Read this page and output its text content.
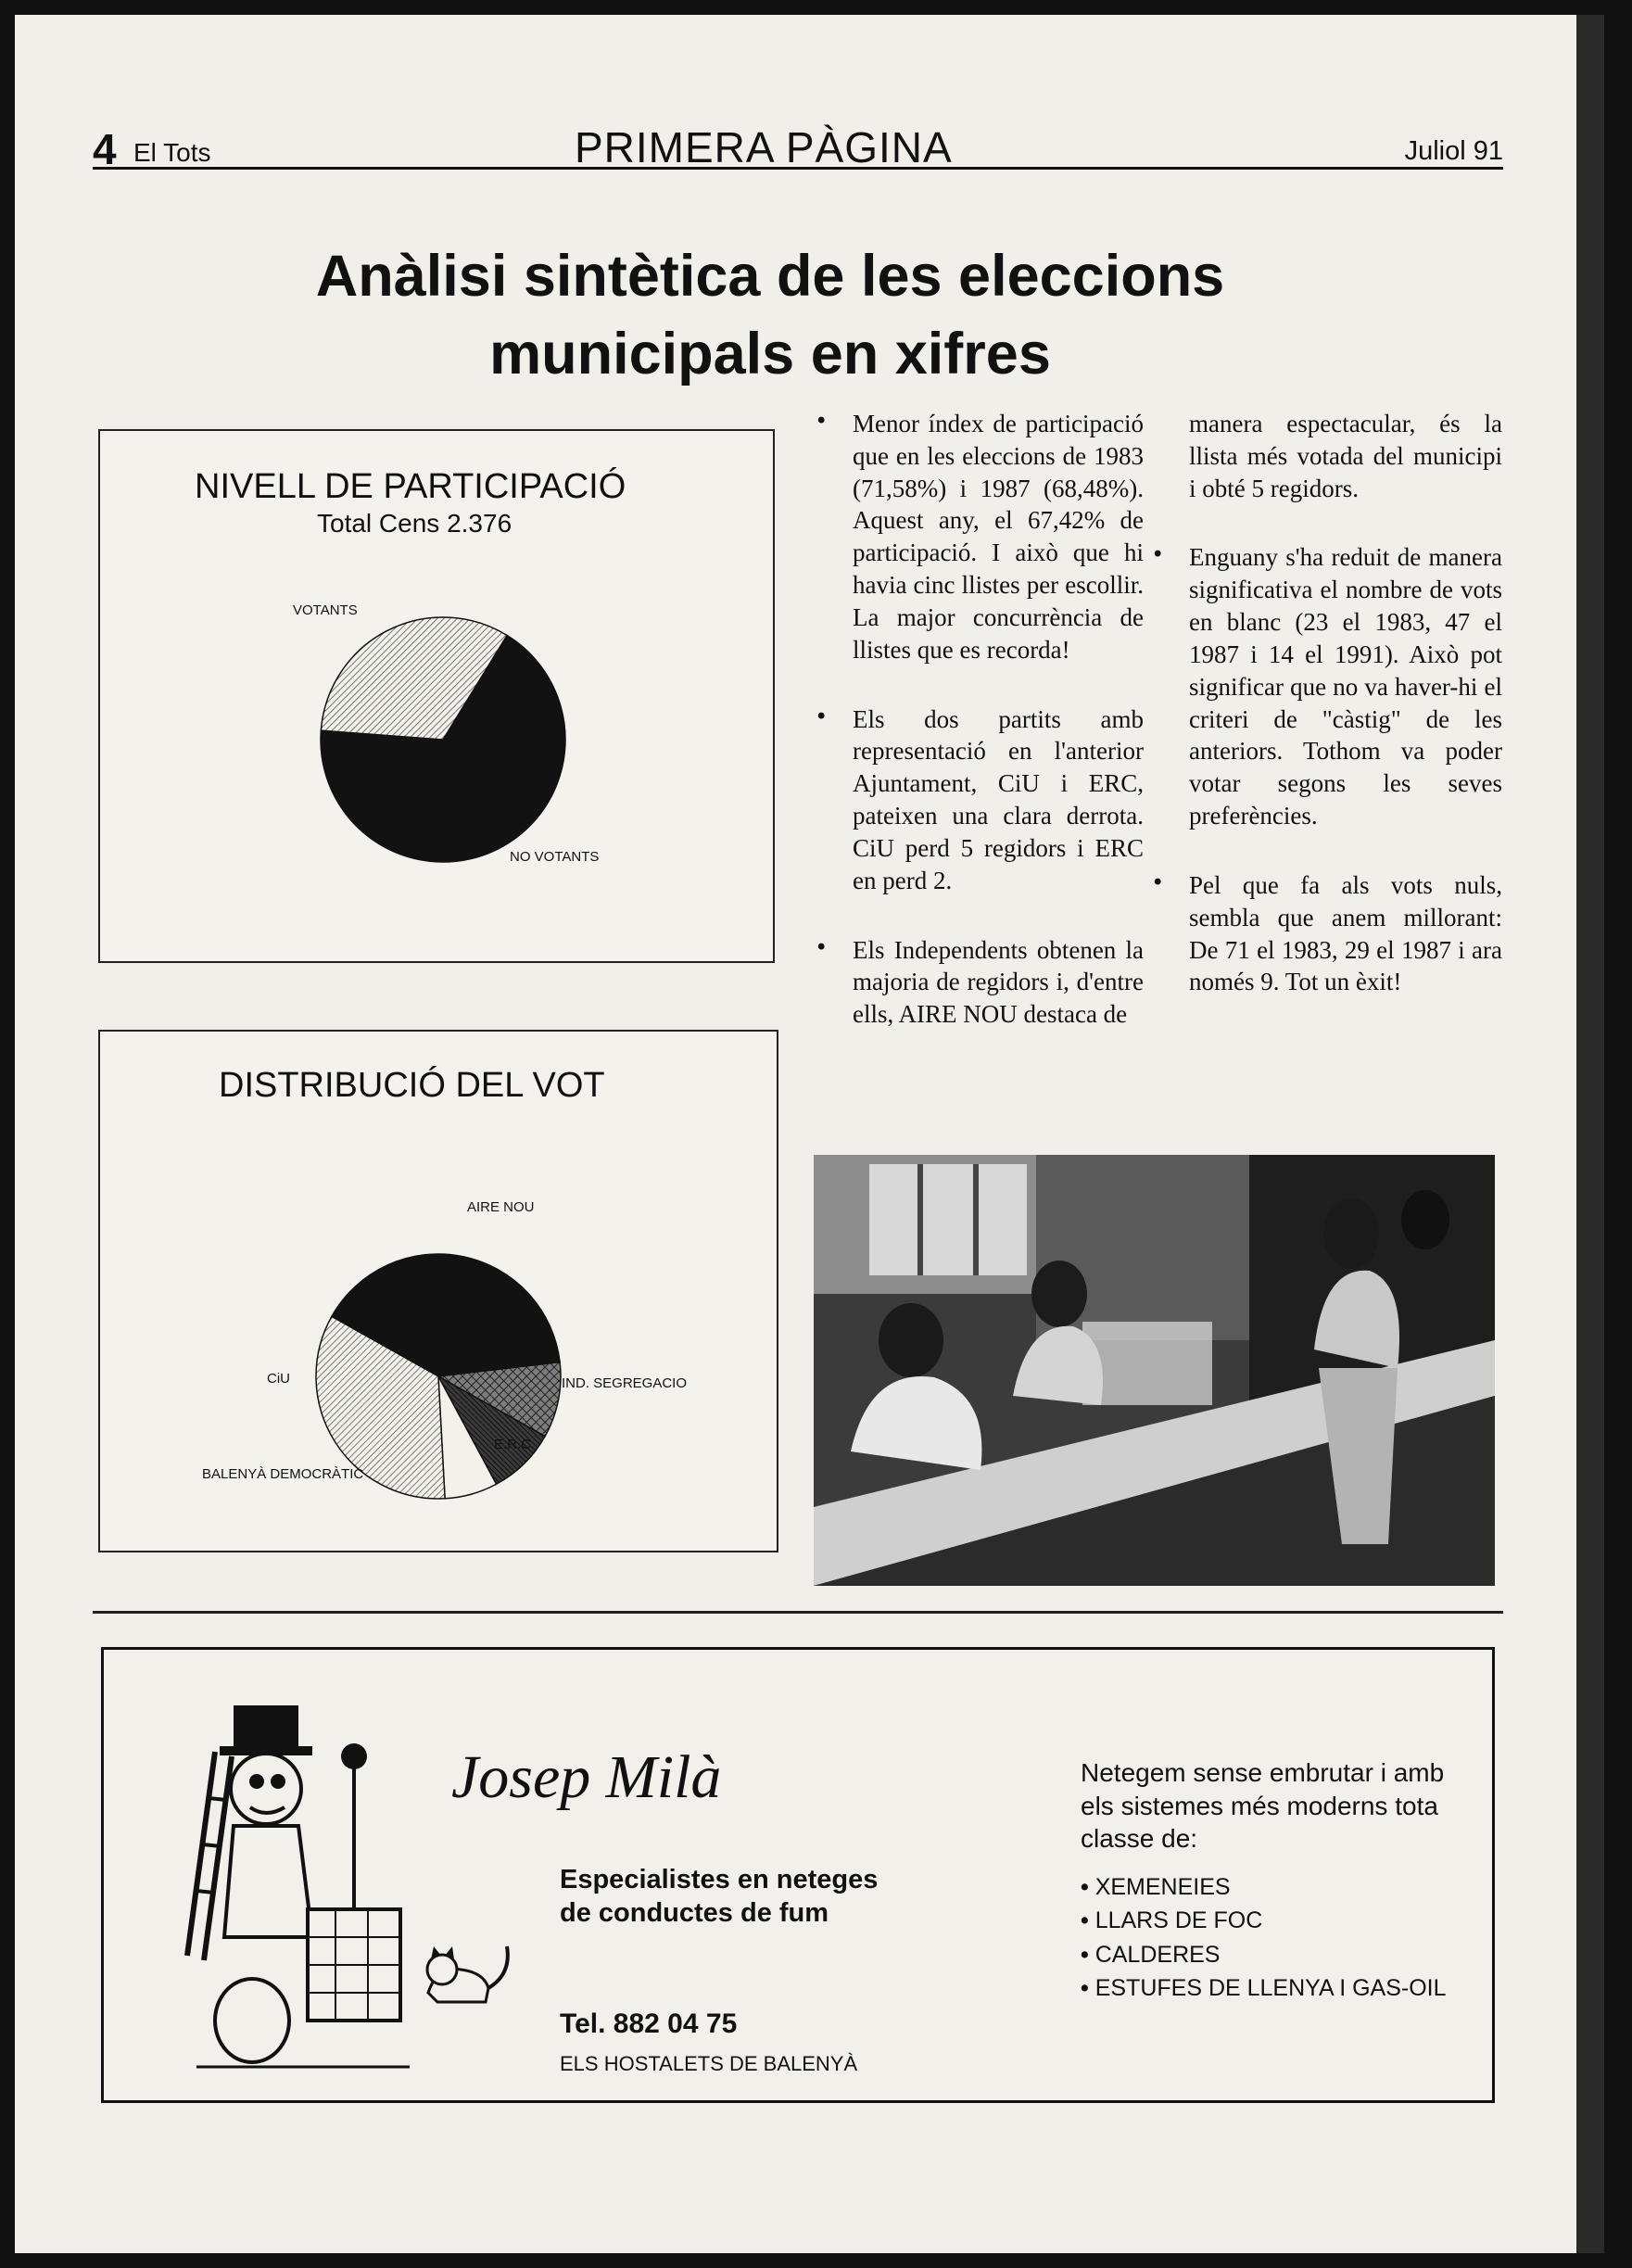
4 El Tots	PRIMERA PÀGINA	Juliol 91
Anàlisi sintètica de les eleccions
municipals en xifres
NIVELL DE PARTICIPACIÓ
Total Cens 2.376
VOTANTS
NO VOTANTS
DISTRIBUCIÓ DEL VOT
AIRE NOU
IND. SEGREGACIO
E.R.C.
BALENYÀ DEMOCRÀTIC
CiU
• Menor índex de participació que en les eleccions de 1983 (71,58%) i 1987 (68,48%). Aquest any, el 67,42% de participació. I això que hi havia cinc llistes per escollir. La major concurrència de llistes que es recorda!
• Els dos partits amb representació en l'anterior Ajuntament, CiU i ERC, pateixen una clara derrota. CiU perd 5 regidors i ERC en perd 2.
• Els Independents obtenen la majoria de regidors i, d'entre ells, AIRE NOU destaca de
manera espectacular, és la llista més votada del municipi i obté 5 regidors.
• Enguany s'ha reduit de manera significativa el nombre de vots en blanc (23 el 1983, 47 el 1987 i 14 el 1991). Això pot significar que no va haver-hi el criteri de "càstig" de les anteriors. Tothom va poder votar segons les seves preferències.
• Pel que fa als vots nuls, sembla que anem millorant: De 71 el 1983, 29 el 1987 i ara només 9. Tot un èxit!
Josep Milà
Especialistes en neteges
de conductes de fum
Tel. 882 04 75
ELS HOSTALETS DE BALENYÀ
Netegem sense embrutar i amb els sistemes més moderns tota classe de:
• XEMENEIES
• LLARS DE FOC
• CALDERES
• ESTUFES DE LLENYA I GAS-OIL
